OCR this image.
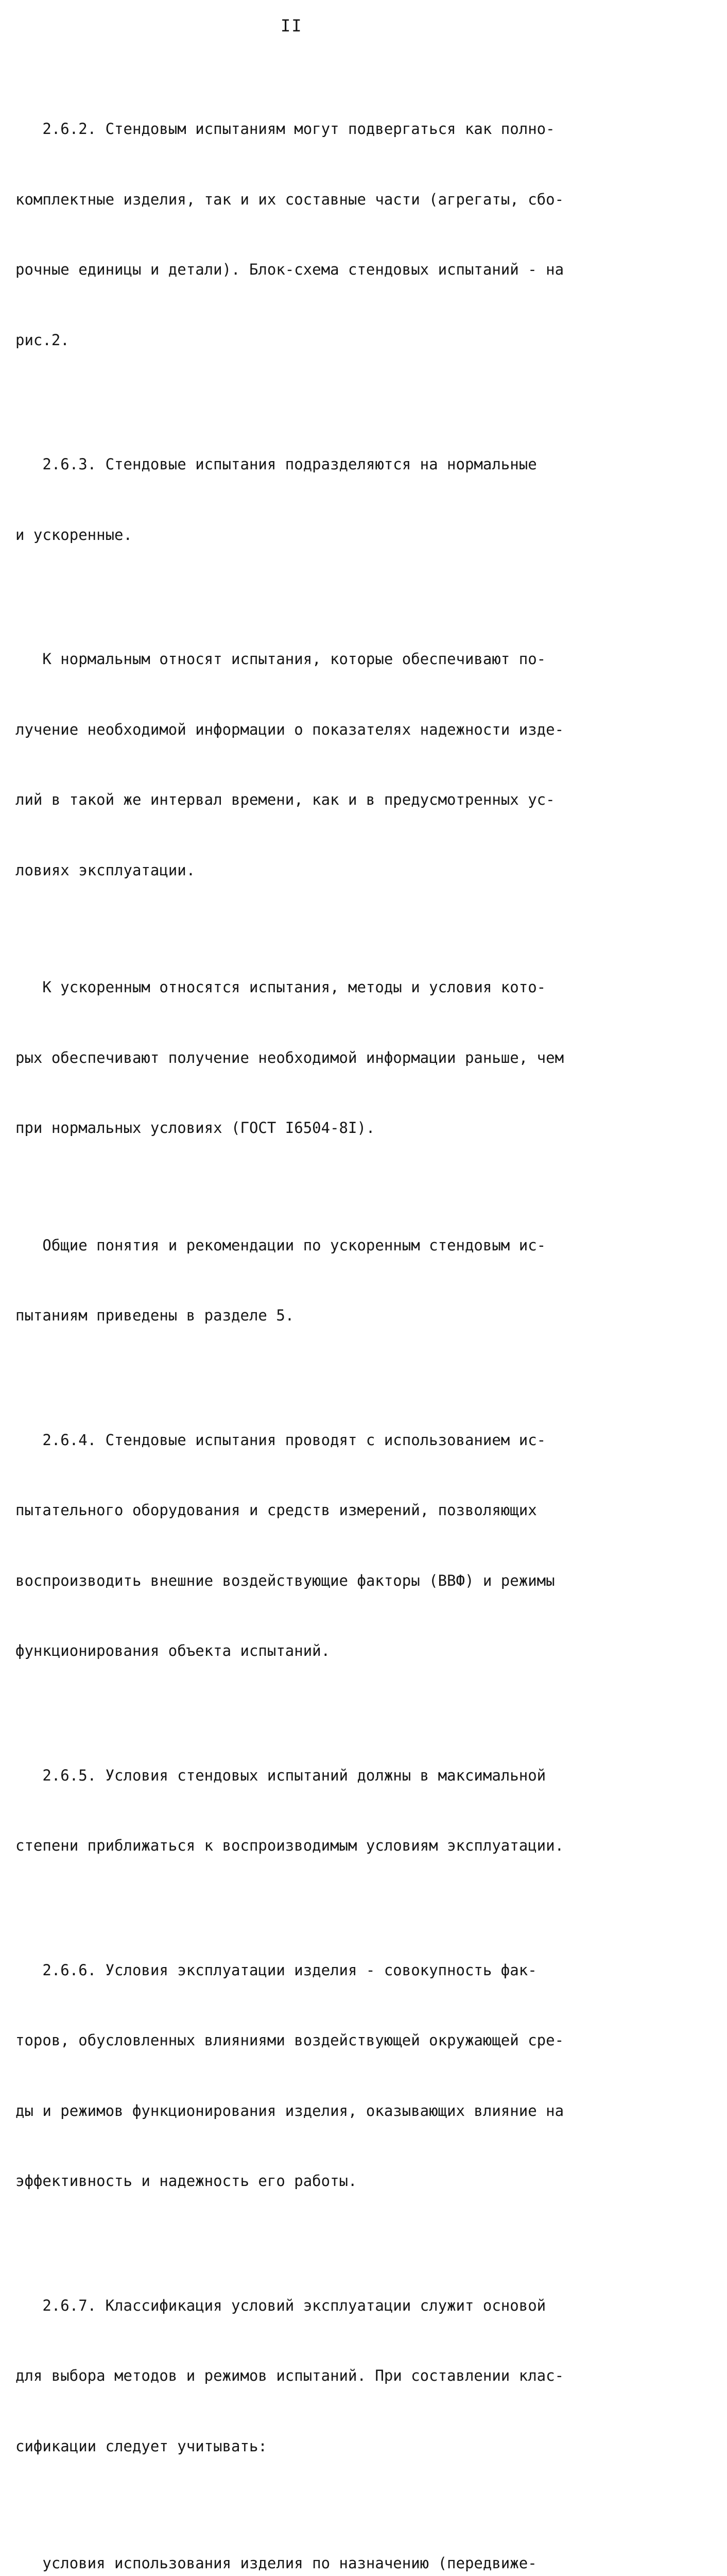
II

2.6.2. Стендовым испытаниям могут подвергаться как полно-

комплектные изделия, так и их составные части (агрегаты, сбо-

рочные единицы и детали). Блок-схема стендовых испытаний - на

рис.2.

2.6.3. Стендовые испытания подразделяются на нормальные

и ускоренные.

К нормальным относят испытания, которые обеспечивают по-

лучение необходимой информации о показателях надежности изде-

лий в такой же интервал времени, как и в предусмотренных ус-

ловиях эксплуатации.

К ускоренным относятся испытания, методы и условия кото-

рых обеспечивают получение необходимой информации раньше, чем

при нормальных условиях (ГОСТ I6504-8I).

Общие понятия и рекомендации по ускоренным стендовым ис-

пытаниям приведены в разделе 5.

2.6.4. Стендовые испытания проводят с использованием ис-

пытательного оборудования и средств измерений, позволяющих

воспроизводить внешние воздействующие факторы (ВВФ) и режимы

функционирования объекта испытаний.

2.6.5. Условия стендовых испытаний должны в максимальной

степени приближаться к воспроизводимым условиям эксплуатации.

2.6.6. Условия эксплуатации изделия - совокупность фак-

торов, обусловленных влияниями воздействующей окружающей сре-

ды и режимов функционирования изделия, оказывающих влияние на

эффективность и надежность его работы.

2.6.7. Классификация условий эксплуатации служит основой

для выбора методов и режимов испытаний. При составлении клас-

сификации следует учитывать:

условия использования изделия по назначению (передвиже-
